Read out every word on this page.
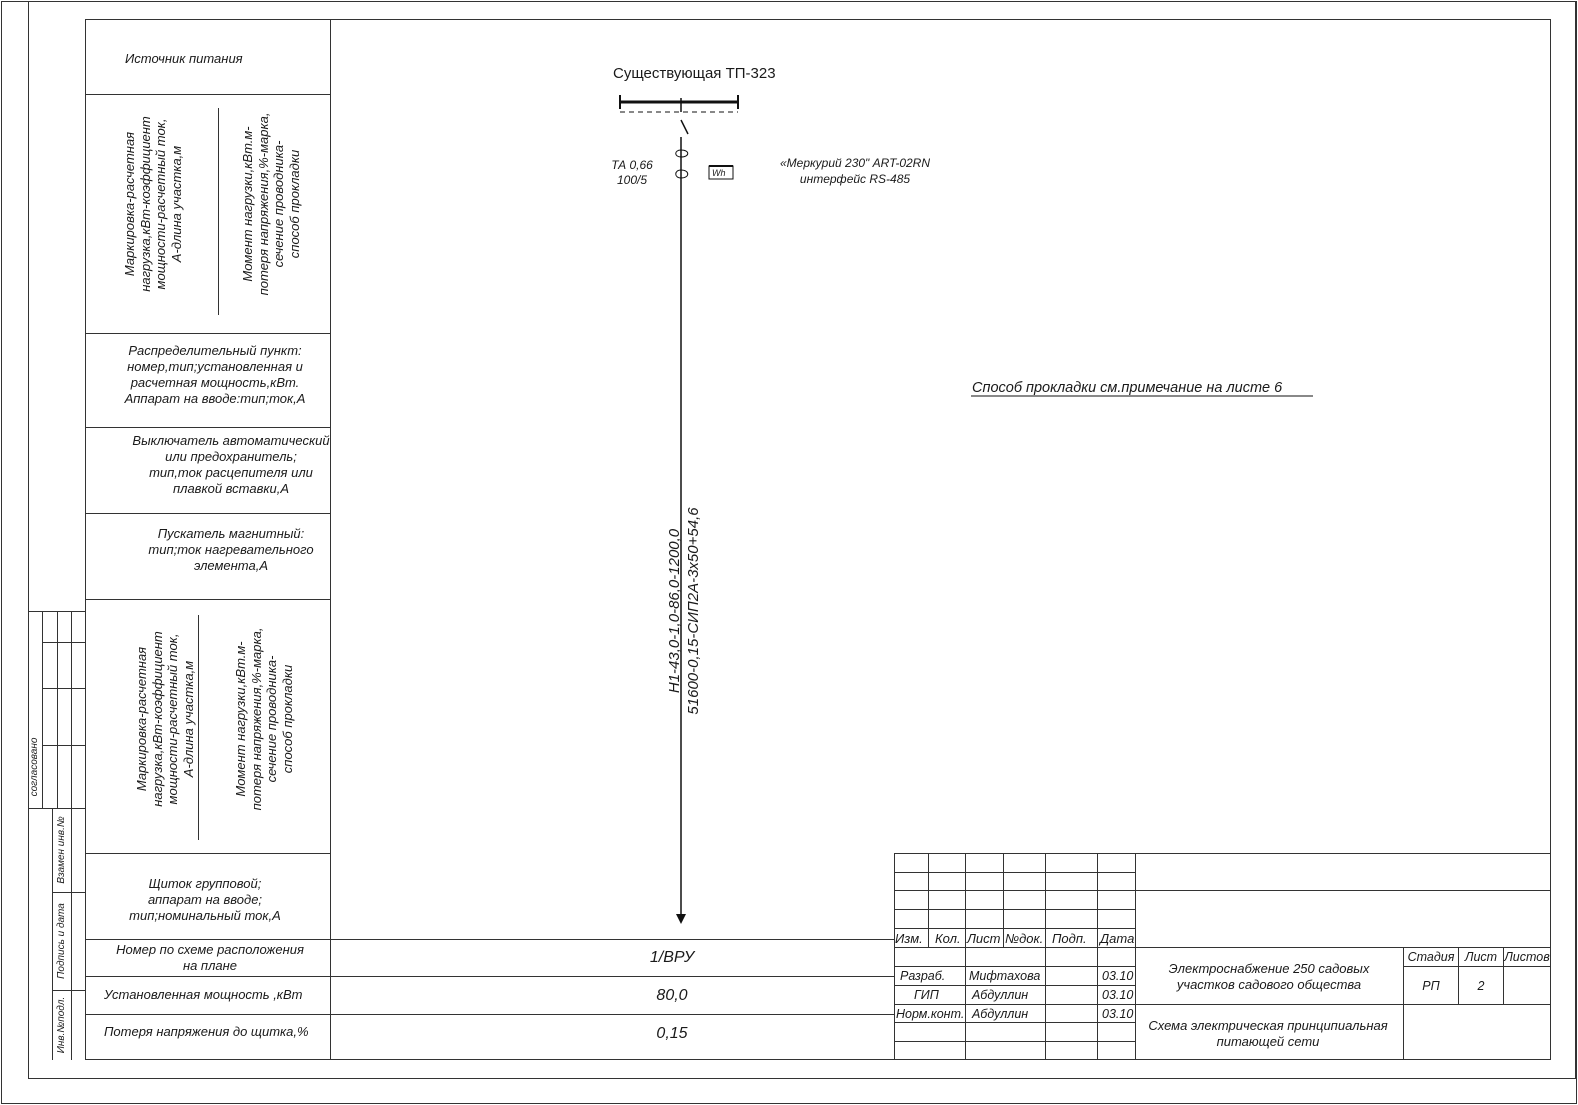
Источник питания
Маркировка-расчетная нагрузка,кВт-коэффициент мощности-расчетный ток, А-длина участка,м	Момент нагрузки,кВт.м- потеря напряжения,%-марка, сечение проводника- способ прокладки
Распределительный пункт:
номер,тип;установленная и
расчетная мощность,кВт.
Аппарат на вводе:тип;ток,А
Выключатель автоматический
или предохранитель;
тип,ток расцепителя или
плавкой вставки,А
Пускатель магнитный:
тип;ток нагревательного
элемента,А
Маркировка-расчетная нагрузка,кВт-коэффициент мощности-расчетный ток, А-длина участка,м	Момент нагрузки,кВт.м- потеря напряжения,%-марка, сечение проводника- способ прокладки
Щиток групповой;
аппарат на вводе;
тип;номинальный ток,А
Номер по схеме расположения
на плане	1/ВРУ
Установленная мощность ,кВт	80,0
Потеря напряжения до щитка,%	0,15
согласовано
Взамен инв.№
Подпись и дата
Инв.№подл.
Существующая ТП-323
ТА 0,66
100/5	Wh
«Меркурий 230" ART-02RN
интерфейс RS-485
Способ прокладки см.примечание на листе 6
Н1-43,0-1,0-86,0-1200,0 51600-0,15-СИП2А-3х50+54,6
Изм. Кол. Лист №док. Подп. Дата
Разраб. Мифтахова	03.10
ГИП	Абдуллин	03.10
Норм.конт. Абдуллин	03.10
Электроснабжение 250 садовых
участков садового общества
Схема электрическая принципиальная
питающей сети
Стадия Лист Листов
РП	2
